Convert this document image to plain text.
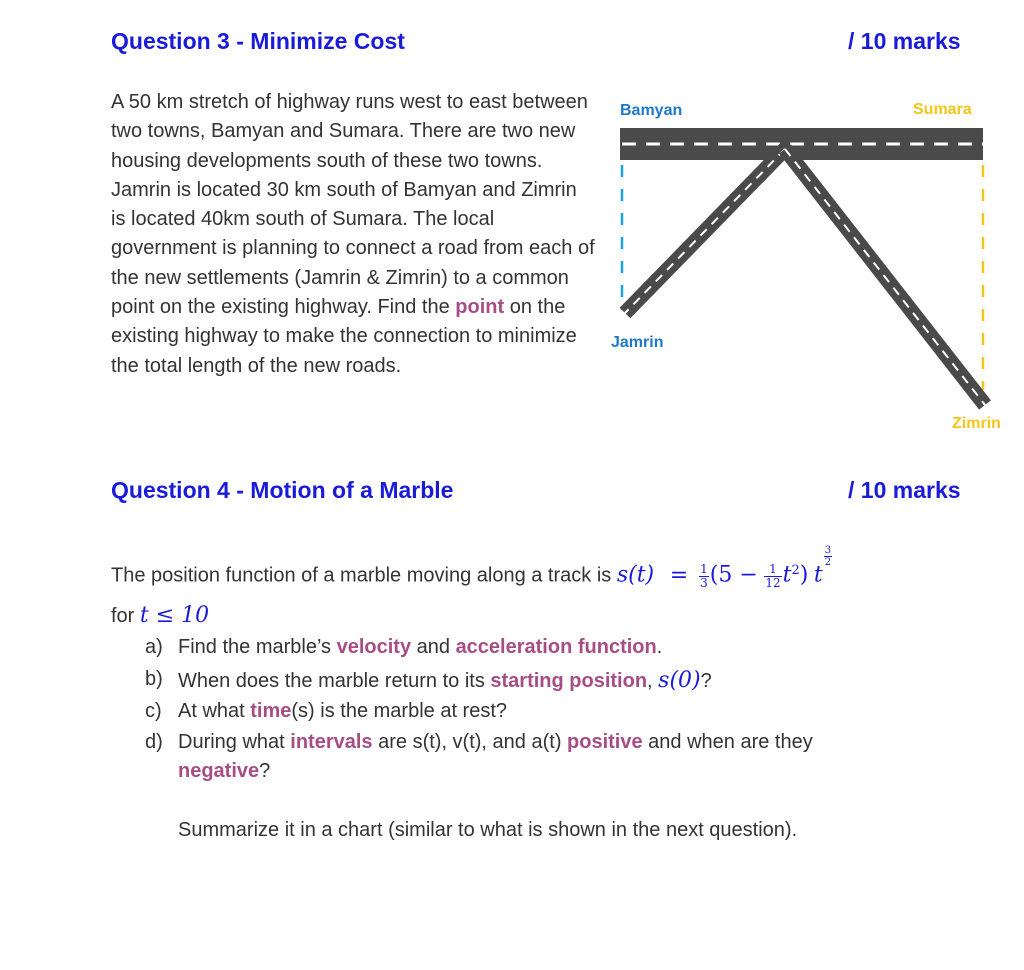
Question 3 - Minimize Cost	/ 10 marks
A 50 km stretch of highway runs west to east between two towns, Bamyan and Sumara. There are two new housing developments south of these two towns. Jamrin is located 30 km south of Bamyan and Zimrin is located 40km south of Sumara. The local government is planning to connect a road from each of the new settlements (Jamrin & Zimrin) to a common point on the existing highway. Find the point on the existing highway to make the connection to minimize the total length of the new roads.
Bamyan	Sumara
Jamrin
Zimrin
Question 4 - Motion of a Marble	/ 10 marks
The position function of a marble moving along a track is $s(t) = \frac{1}{3} (5 - \frac{1}{12} t^2)$ t
$\frac{3}{2}$
for t ≤ 10
a) Find the marble’s velocity and acceleration function.
b) When does the marble return to its starting position, s(0)?
c) At what time(s) is the marble at rest?
d) During what intervals are s(t), v(t), and a(t) positive and when are they
negative?
Summarize it in a chart (similar to what is shown in the next question).
